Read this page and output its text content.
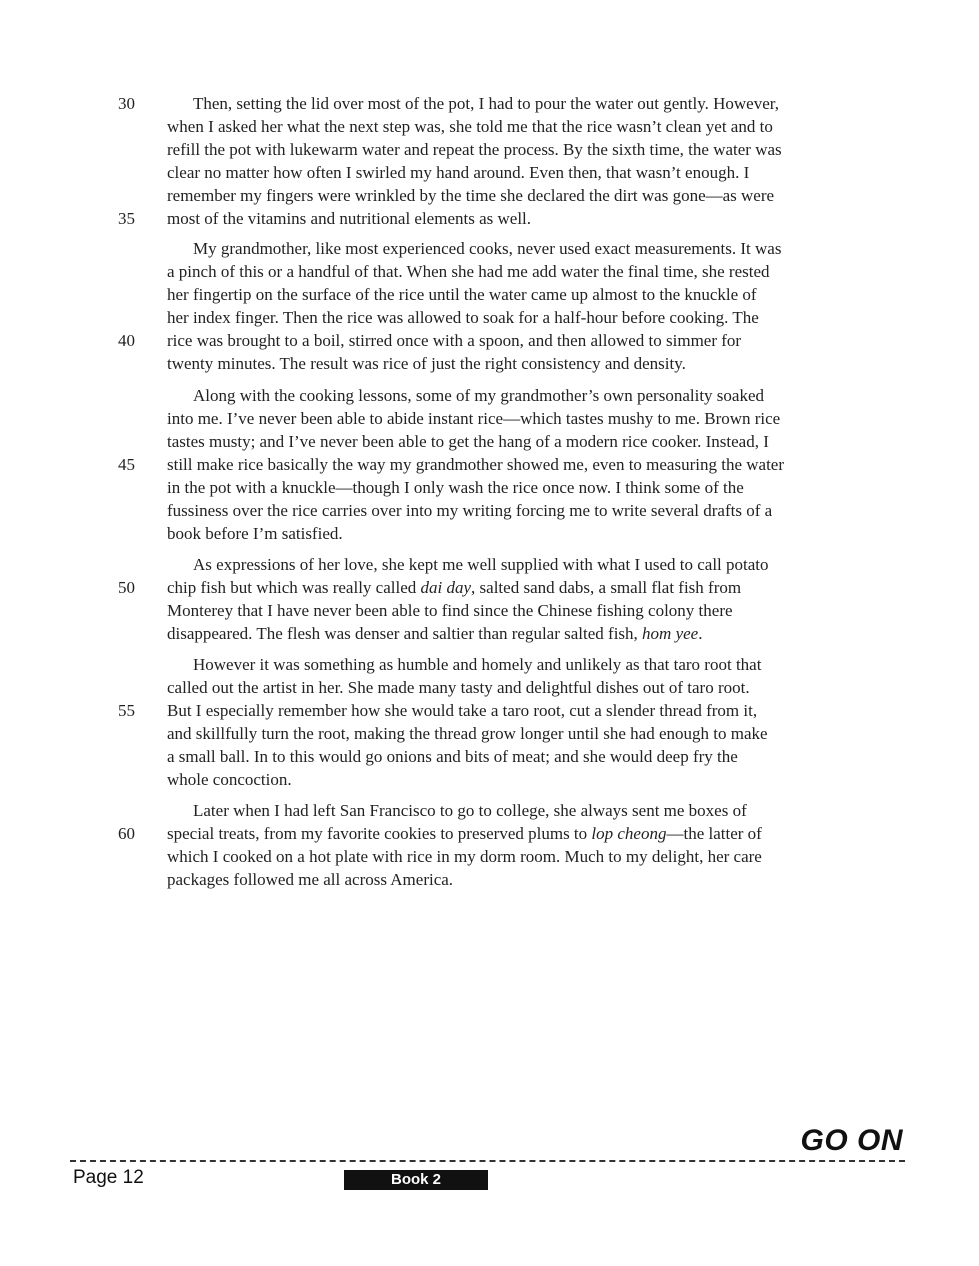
Then, setting the lid over most of the pot, I had to pour the water out gently. However,
when I asked her what the next step was, she told me that the rice wasn’t clean yet and to
refill the pot with lukewarm water and repeat the process. By the sixth time, the water was
clear no matter how often I swirled my hand around. Even then, that wasn’t enough. I
remember my fingers were wrinkled by the time she declared the dirt was gone—as were
most of the vitamins and nutritional elements as well.
My grandmother, like most experienced cooks, never used exact measurements. It was
a pinch of this or a handful of that. When she had me add water the final time, she rested
her fingertip on the surface of the rice until the water came up almost to the knuckle of
her index finger. Then the rice was allowed to soak for a half-hour before cooking. The
rice was brought to a boil, stirred once with a spoon, and then allowed to simmer for
twenty minutes. The result was rice of just the right consistency and density.
Along with the cooking lessons, some of my grandmother’s own personality soaked
into me. I’ve never been able to abide instant rice—which tastes mushy to me. Brown rice
tastes musty; and I’ve never been able to get the hang of a modern rice cooker. Instead, I
still make rice basically the way my grandmother showed me, even to measuring the water
in the pot with a knuckle—though I only wash the rice once now. I think some of the
fussiness over the rice carries over into my writing forcing me to write several drafts of a
book before I’m satisfied.
As expressions of her love, she kept me well supplied with what I used to call potato
chip fish but which was really called dai day, salted sand dabs, a small flat fish from
Monterey that I have never been able to find since the Chinese fishing colony there
disappeared. The flesh was denser and saltier than regular salted fish, hom yee.
However it was something as humble and homely and unlikely as that taro root that
called out the artist in her. She made many tasty and delightful dishes out of taro root.
But I especially remember how she would take a taro root, cut a slender thread from it,
and skillfully turn the root, making the thread grow longer until she had enough to make
a small ball. In to this would go onions and bits of meat; and she would deep fry the
whole concoction.
Later when I had left San Francisco to go to college, she always sent me boxes of
special treats, from my favorite cookies to preserved plums to lop cheong—the latter of
which I cooked on a hot plate with rice in my dorm room. Much to my delight, her care
packages followed me all across America.
30
35
40
45
50
55
60
GO ON
Page 12	Book 2
